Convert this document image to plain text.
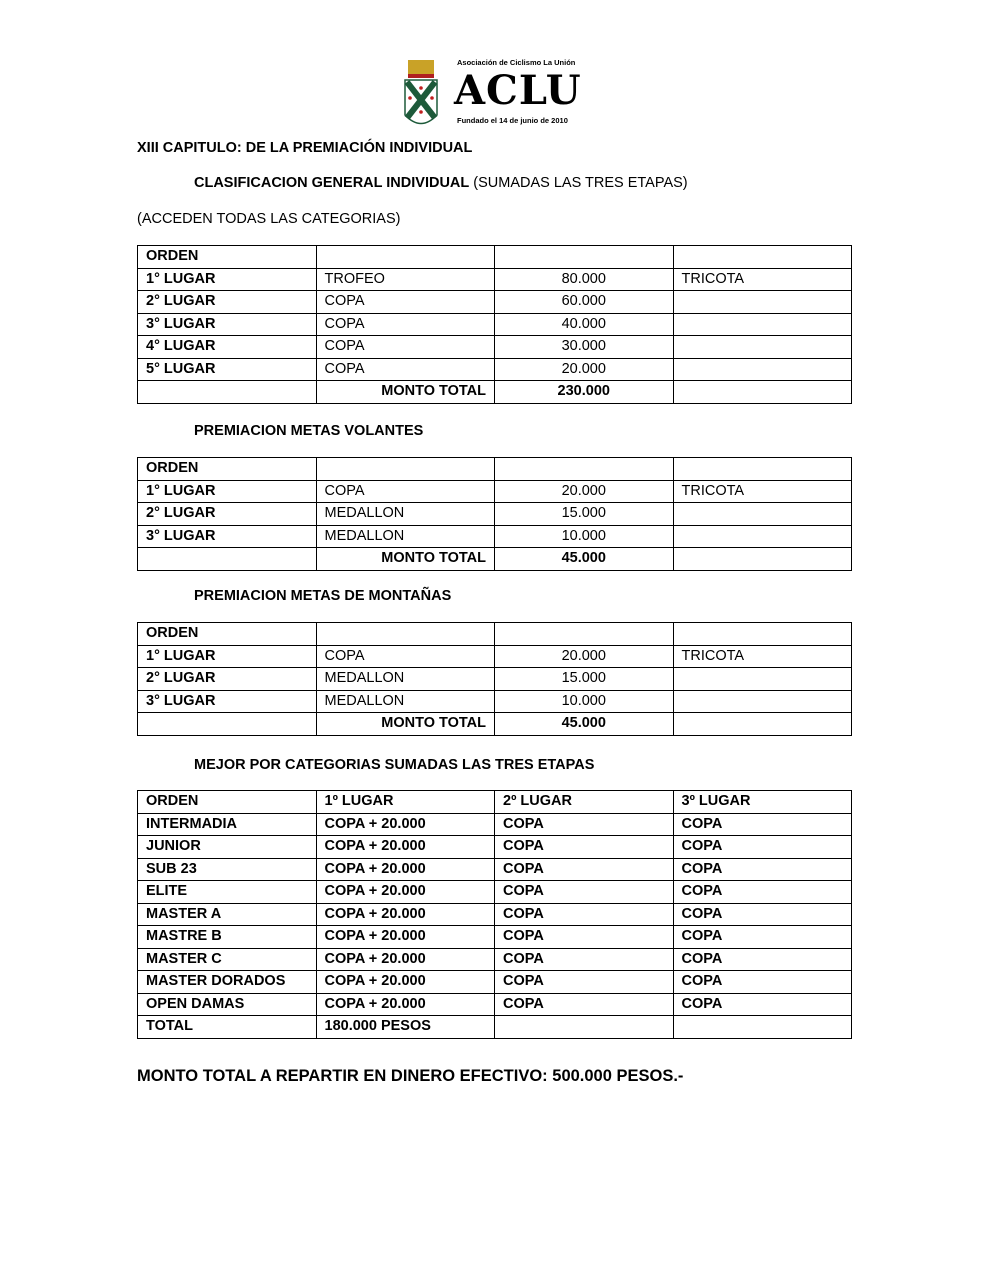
Asociación de Ciclismo La Unión
ACLU
Fundado el 14 de junio de 2010
XIII CAPITULO: DE LA PREMIACIÓN INDIVIDUAL
CLASIFICACION GENERAL INDIVIDUAL (SUMADAS LAS TRES ETAPAS)
(ACCEDEN TODAS LAS CATEGORIAS)
ORDEN			
1° LUGAR	TROFEO	80.000	TRICOTA
2° LUGAR	COPA	60.000	
3° LUGAR	COPA	40.000	
4° LUGAR	COPA	30.000	
5° LUGAR	COPA	20.000	
	MONTO TOTAL	230.000	
PREMIACION METAS VOLANTES
ORDEN			
1° LUGAR	COPA	20.000	TRICOTA
2° LUGAR	MEDALLON	15.000	
3° LUGAR	MEDALLON	10.000	
	MONTO TOTAL	45.000	
PREMIACION METAS DE MONTAÑAS
ORDEN			
1° LUGAR	COPA	20.000	TRICOTA
2° LUGAR	MEDALLON	15.000	
3° LUGAR	MEDALLON	10.000	
	MONTO TOTAL	45.000	
MEJOR POR CATEGORIAS SUMADAS LAS TRES ETAPAS
ORDEN	1º LUGAR	2º LUGAR	3º LUGAR
INTERMADIA	COPA + 20.000	COPA	COPA
JUNIOR	COPA + 20.000	COPA	COPA
SUB 23	COPA + 20.000	COPA	COPA
ELITE	COPA + 20.000	COPA	COPA
MASTER A	COPA + 20.000	COPA	COPA
MASTRE B	COPA + 20.000	COPA	COPA
MASTER C	COPA + 20.000	COPA	COPA
MASTER DORADOS	COPA + 20.000	COPA	COPA
OPEN DAMAS	COPA + 20.000	COPA	COPA
TOTAL	180.000 PESOS		
MONTO TOTAL A REPARTIR EN DINERO EFECTIVO: 500.000 PESOS.-
